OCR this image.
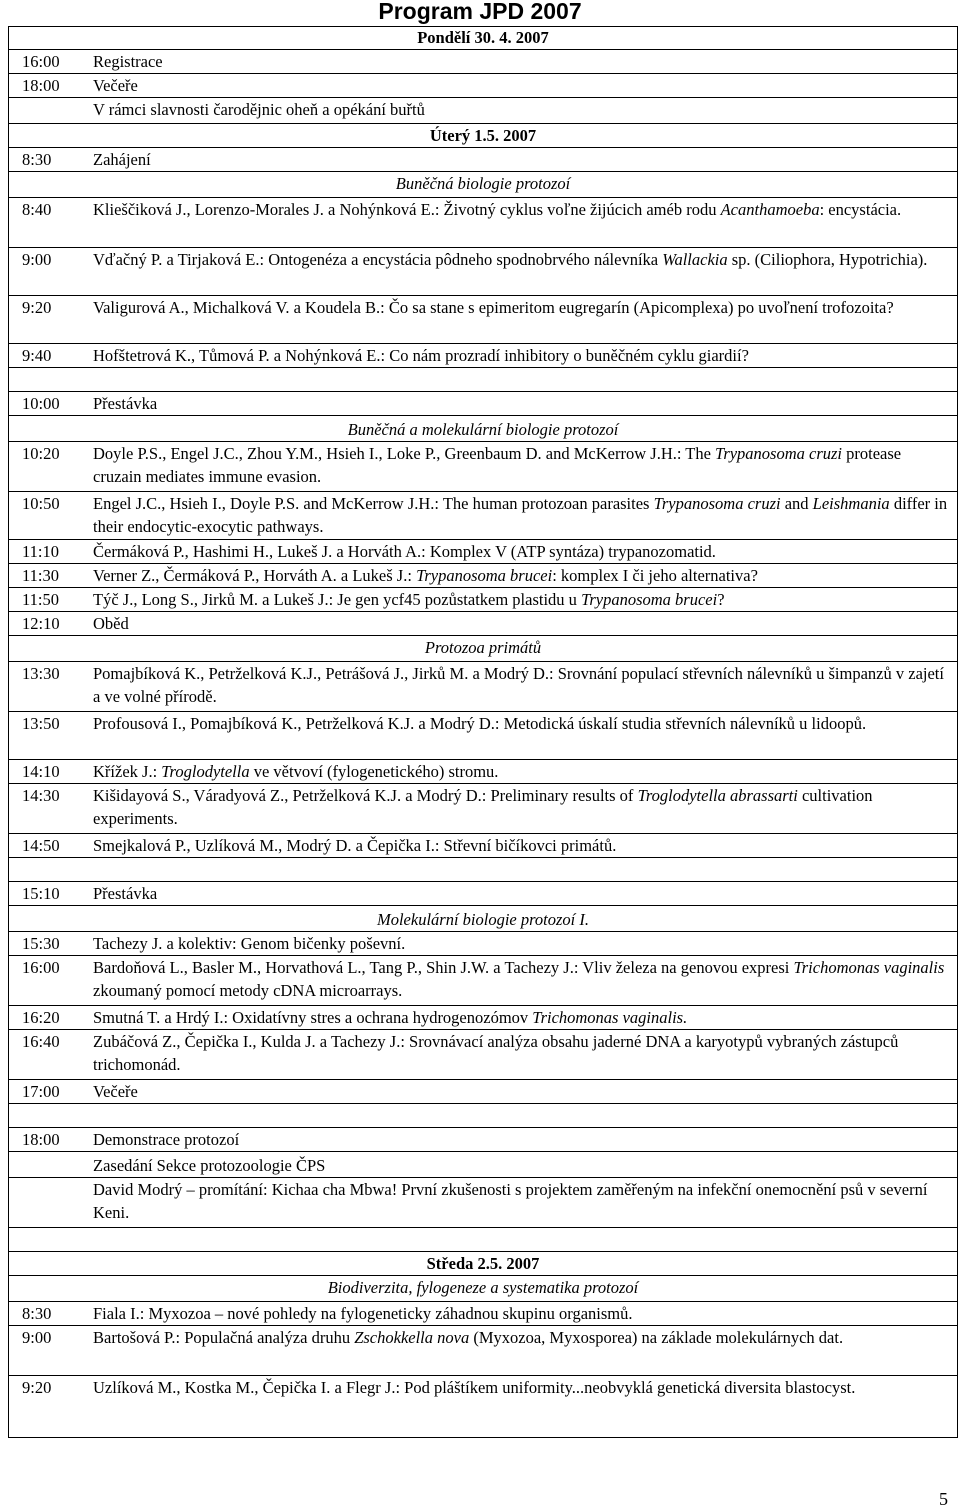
Program JPD 2007
Pondělí 30. 4. 2007
16:00 Registrace
18:00 Večeře
V rámci slavnosti čarodějnic oheň a opékání buřtů
Úterý 1.5. 2007
8:30	Zahájení
Buněčná biologie protozoí
8:40	Klieščiková J., Lorenzo-Morales J. a Nohýnková E.: Životný cyklus voľne žijúcich améb rodu Acanthamoeba: encystácia.
9:00	Vďačný P. a Tirjaková E.: Ontogenéza a encystácia pôdneho spodnobrvého nálevníka Wallackia sp. (Ciliophora, Hypotrichia).
9:20	Valigurová A., Michalková V. a Koudela B.: Čo sa stane s epimeritom eugregarín (Apicomplexa) po uvoľnení trofozoita?
9:40	Hofštetrová K., Tůmová P. a Nohýnková E.: Co nám prozradí inhibitory o buněčném cyklu giardií?
10:00 Přestávka
Buněčná a molekulární biologie protozoí
10:20 Doyle P.S., Engel J.C., Zhou Y.M., Hsieh I., Loke P., Greenbaum D. and McKerrow J.H.: The Trypanosoma cruzi protease cruzain mediates immune evasion.
10:50 Engel J.C., Hsieh I., Doyle P.S. and McKerrow J.H.: The human protozoan parasites Trypanosoma cruzi and Leishmania differ in their endocytic-exocytic pathways.
11:10 Čermáková P., Hashimi H., Lukeš J. a Horváth A.: Komplex V (ATP syntáza) trypanozomatid.
11:30 Verner Z., Čermáková P., Horváth A. a Lukeš J.: Trypanosoma brucei: komplex I či jeho alternativa?
11:50 Týč J., Long S., Jirků M. a Lukeš J.: Je gen ycf45 pozůstatkem plastidu u Trypanosoma brucei?
12:10 Oběd
Protozoa primátů
13:30 Pomajbíková K., Petrželková K.J., Petrášová J., Jirků M. a Modrý D.: Srovnání populací střevních nálevníků u šimpanzů v zajetí a ve volné přírodě.
13:50 Profousová I., Pomajbíková K., Petrželková K.J. a Modrý D.: Metodická úskalí studia střevních nálevníků u lidoopů.
14:10 Křížek J.: Troglodytella ve větvoví (fylogenetického) stromu.
14:30 Kišidayová S., Váradyová Z., Petrželková K.J. a Modrý D.: Preliminary results of Troglodytella abrassarti cultivation experiments.
14:50 Smejkalová P., Uzlíková M., Modrý D. a Čepička I.: Střevní bičíkovci primátů.
15:10 Přestávka
Molekulární biologie protozoí I.
15:30 Tachezy J. a kolektiv: Genom bičenky poševní.
16:00 Bardoňová L., Basler M., Horvathová L., Tang P., Shin J.W. a Tachezy J.: Vliv železa na genovou expresi Trichomonas vaginalis zkoumaný pomocí metody cDNA microarrays.
16:20 Smutná T. a Hrdý I.: Oxidatívny stres a ochrana hydrogenozómov Trichomonas vaginalis.
16:40 Zubáčová Z., Čepička I., Kulda J. a Tachezy J.: Srovnávací analýza obsahu jaderné DNA a karyotypů vybraných zástupců trichomonád.
17:00 Večeře
18:00 Demonstrace protozoí
Zasedání Sekce protozoologie ČPS
David Modrý – promítání: Kichaa cha Mbwa! První zkušenosti s projektem zaměřeným na infekční onemocnění psů v severní Keni.
Středa 2.5. 2007
Biodiverzita, fylogeneze a systematika protozoí
8:30	Fiala I.: Myxozoa – nové pohledy na fylogeneticky záhadnou skupinu organismů.
9:00	Bartošová P.: Populačná analýza druhu Zschokkella nova (Myxozoa, Myxosporea) na základe molekulárnych dat.
9:20	Uzlíková M., Kostka M., Čepička I. a Flegr J.: Pod pláštíkem uniformity...neobvyklá genetická diversita blastocyst.
5
